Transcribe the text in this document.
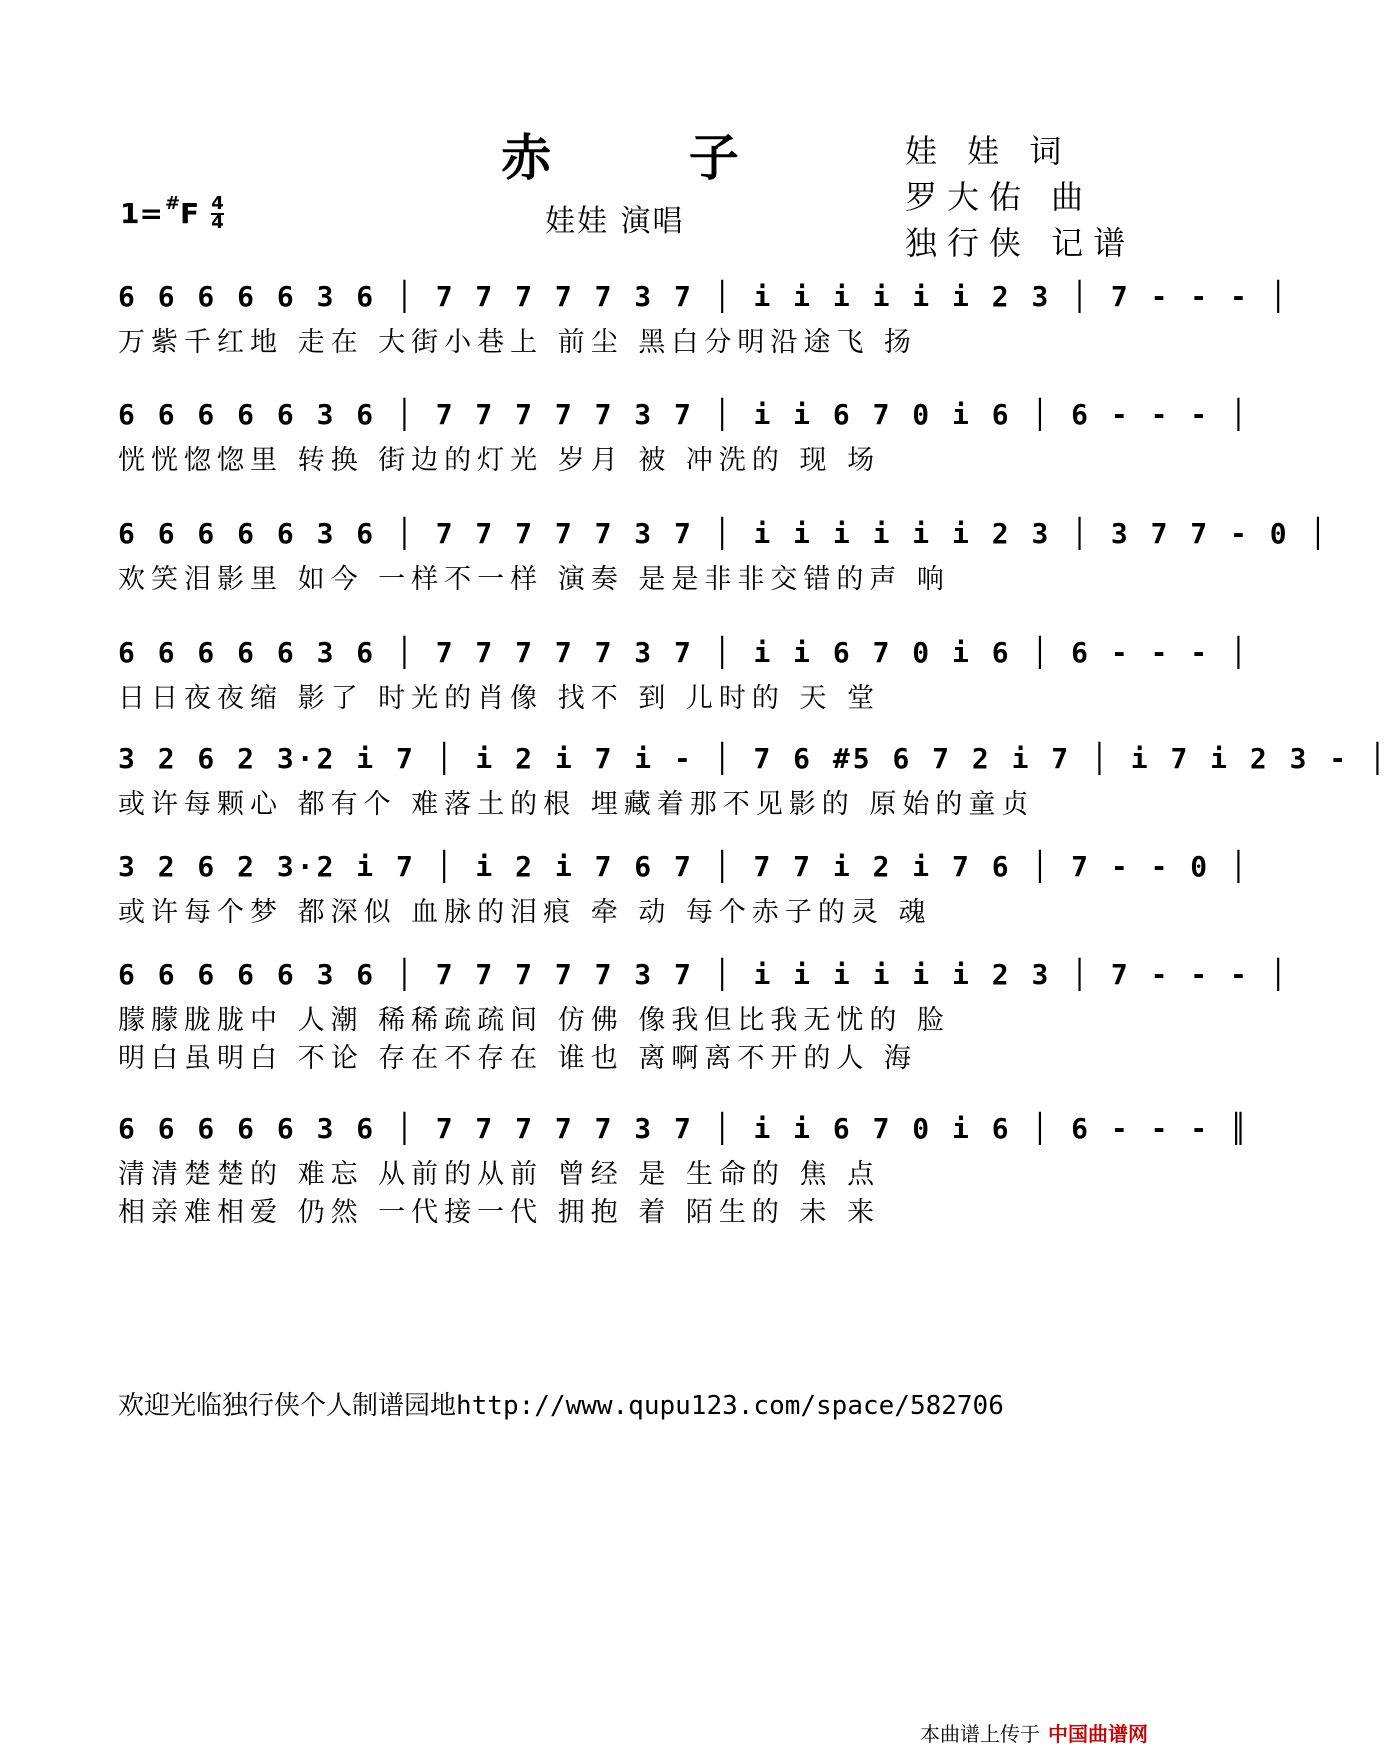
赤 子
1= # F $\frac{4}{4}$	娃娃 演唱
娃 娃 词
罗大佑 曲
独行侠 记谱
6 6 6 6 6 3 6 │ 7 7 7 7 7 3 7 │ i i i i i i 2 3 │ 7 - - - │
万紫千红地 走在 大街小巷上 前尘 黑白分明沿途飞 扬
6 6 6 6 6 3 6 │ 7 7 7 7 7 3 7 │ i i 6 7 0 i 6 │ 6 - - - │
恍恍惚惚里 转换 街边的灯光 岁月 被 冲洗的 现 场
6 6 6 6 6 3 6 │ 7 7 7 7 7 3 7 │ i i i i i i 2 3 │ 3 7 7 - 0 │
欢笑泪影里 如今 一样不一样 演奏 是是非非交错的声 响
6 6 6 6 6 3 6 │ 7 7 7 7 7 3 7 │ i i 6 7 0 i 6 │ 6 - - - │
日日夜夜缩 影了 时光的肖像 找不 到 儿时的 天 堂
3 2 6 2 3·2 i 7 │ i 2 i 7 i - │ 7 6 #5 6 7 2 i 7 │ i 7 i 2 3 - │
或许每颗心 都有个 难落土的根 埋藏着那不见影的 原始的童贞
3 2 6 2 3·2 i 7 │ i 2 i 7 6 7 │ 7 7 i 2 i 7 6 │ 7 - - 0 │
或许每个梦 都深似 血脉的泪痕 牵 动 每个赤子的灵 魂
6 6 6 6 6 3 6 │ 7 7 7 7 7 3 7 │ i i i i i i 2 3 │ 7 - - - │
朦朦胧胧中 人潮 稀稀疏疏间 仿佛 像我但比我无忧的 脸
明白虽明白 不论 存在不存在 谁也 离啊离不开的人 海
6 6 6 6 6 3 6 │ 7 7 7 7 7 3 7 │ i i 6 7 0 i 6 │ 6 - - - ║
清清楚楚的 难忘 从前的从前 曾经 是 生命的 焦 点
相亲难相爱 仍然 一代接一代 拥抱 着 陌生的 未 来
欢迎光临独行侠个人制谱园地http://www.qupu123.com/space/582706
本曲谱上传于 中国曲谱网
